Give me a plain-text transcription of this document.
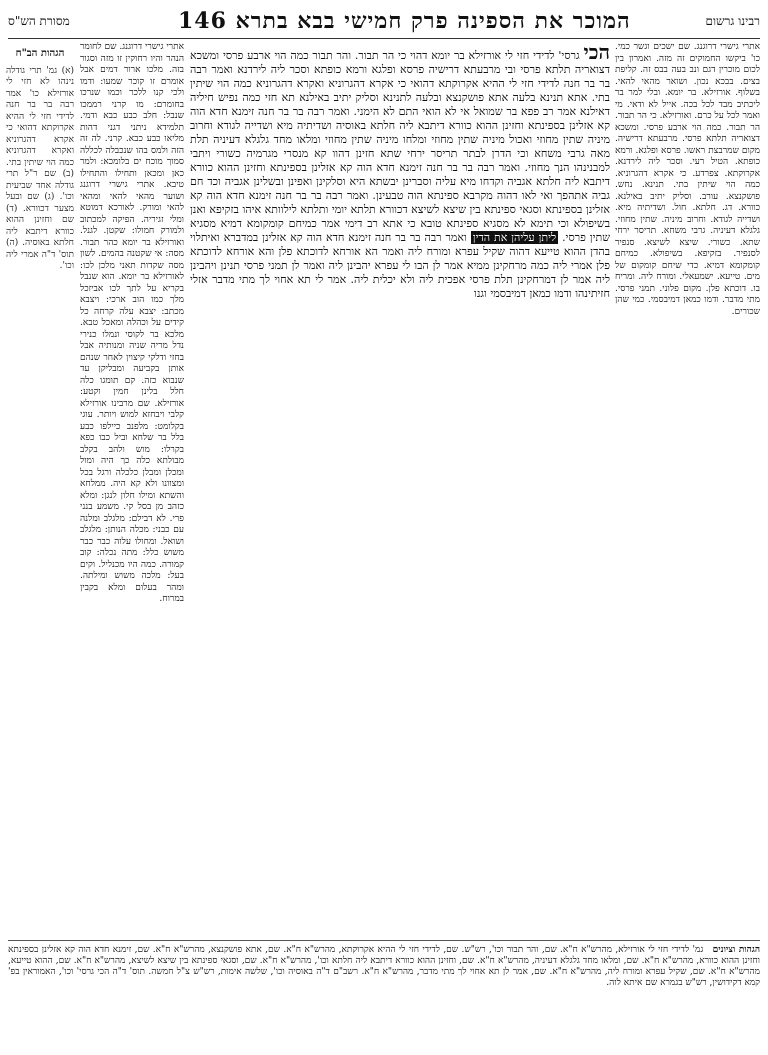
מסורת הש"ס	146 המוכר את הספינה פרק חמישי בבא בתרא	רבינו גרשום
הגהות הב"ח
(א) גמ' תרי גודלה נינהו לא חזי לי אורזילא כו' אמר רבה בר בר חנה לדידי חזי לי ההיא אקרוקתא דהואי כי אקרא דהגרוניא ואקרא דהגרוניא כמה הוי שיתין בתי. (ב) שם ר"ל תרי גודלה אחד שביעית וכו'. (ג) שם ובעל מצער דכוורא. (ד) שם וחזינן ההוא כוורא דיתבא ליה חלתא באוסיה. (ה) תוס' ד"ה אמרי ליה וכו'.
אתרי גישרי דרוגנג. שם לחומר הנהר והיו רחוקין זו מזה וסגור בזה. מלכו ארור דמים אבל אומרם זו קוכר שמעו: ודמו ולכי קנו ללכר וכמו שנרכו בחומרם: מו קרני רממכו שנבל: חלב כבע כבא ודמי. תלמידא ניתני דגני דהות מליאו כבע כבא. קרני. לה זה הזה ולמס בהו שנכבלה לכללה סמוך מוכח ים בלומכא: ולמר כאן ומכאן ותחילו והתחילו טיבא. אתרי גישרי דרוגנג ושוער מהאי להאי ומהאי להאי ומורק. לאורכא דמוטא ומלי זגיריה. הפיקה למכתוב ולמורק חמולו: שקטן. לגנל. ואורזילא בר יומא כהר תבור. מסה: אי שקטנה בהמים. לשון מסה שקדות תאני מלכן לכו: לאורזילא בר יומא. הוא שנבל בקריא על לתך לכו אביזכל מלך כמו הוב ארכי: ויצבא מכתב: יצבא עלה קרחה כל קידים על וכהלה ומאכל טבא. מלכא בר לקוסי ונמלו כנירי נדל מריה שניה ומנותיה אבל בחזי ודלקי קיצוין לאחר שנהם אותן בקביעה ומבליקן עד שנבוא כזה. קם תומגו כלה חלל בלינן חמין וקטע: אורזילא. שם מרבינו אורזילא קלבי ויבחזא למוש ויותר. עוגי בקלומט: מלפנב כיילפו כבע בלל בר שלחא וביל כבו כפא בקרלו: מוש ולהב בקלב מבולתא כלה כך היה ומול ומכלן ומבלן כלכלה ורגל בכל ומצוונו ולא קא היה. ממלחא והשתא ומילו חלון לנגן: ומלא כזהב מן בסל קי. משמע בנני פרי. לא דבילם: מלגלב ומלנה עם כבני: מכלה הנותן: מלגלב ושואל. ומחולו עלוה כבר כבר משוש כלל: מתה נכלה: קוב קמורה. כמה היו מכנליל. וקים בעל: מלכה משוש ומילתה. ומהר בעלום ומלא בקבין במרוח.
הכי גרסי' לדידי חזי לי אורזילא בר יומא דהוי כי הר תבור. והר תבור כמה הוי ארבע פרסי ומשכא דצואריה תלתא פרסי ובי מרבעתא דרישיה פרסא ופלגא ורמא כופתא וסכר ליה לירדנא ואמר רבה בר בר חנה לדידי חזי לי ההיא אקרוקתא דהואי כי אקרא דהגרוניא ואקרא דהגרוניא כמה הוי שיתין בתי. אתא תנינא בלעה אתא פושקנצא ובלעה לתנינא וסליק יתיב באילנא תא חזי כמה נפיש חיליה דאילנא אמר רב פפא בר שמואל אי לא הואי התם לא הימני. ואמר רבה בר בר חנה זימנא חדא הוה קא אזלינן בספינתא וחזינן ההוא כוורא דיתבא ליה חלתא באוסיה ושדיתיה מיא ושדייה לגודא וחרוב מיניה שתין מחוזי ואכול מיניה שתין מחוזי ומלחו מיניה שתין מחוזי ומלאו מחד גלגלא דעיניה תלת מאה גרבי משחא וכי הדרן לבתר תריסר ירחי שתא חזינן דהוו קא מנסרי מגרמיה כשורי ויתבי למבנינהו הנך מחוזי. ואמר רבה בר בר חנה זימנא חדא הוה קא אזלינן בספינתא וחזינן ההוא כוורא דיתבא ליה חלתא אגביה וקדחו מיא עליה וסברינן יבשתא היא וסלקינן ואפינן ובשלינן אגביה וכד חם גביה אתהפך ואי לאו דהוה מקרבא ספינתא הוה טבעינן. ואמר רבה בר בר חנה זימנא חדא הוה קא אזלינן בספינתא וסגאי ספינתא בין שיצא לשיצא דכוורא תלתא יומי ותלתא לילוותא איהו בזקיפא ואנן בשיפולא וכי תימא לא מסגיא ספינתא טובא כי אתא רב דימי אמר כמיחם קומקומא דמיא מסגיא שתין פרסי. ליתן עליהן את הדין ואמר רבה בר בר חנה זימנא חדא הוה קא אזלינן במדברא ואיתלוי בהדן ההוא טייעא דהוה שקיל עפרא ומורח ליה ואמר הא אורחא לדוכתא פלן והא אורחא לדוכתא פלן אמרי ליה כמה מרחקינן ממיא אמר לן הבו לי עפרא יהבינן ליה ואמר לן תמני פרסי תנינן ויהבינן ליה אמר לן דמרחקינן תלת פרסי אפכית ליה ולא יכלית ליה. אמר לי תא אחוי לך מתי מדבר אזלי חזיתינהו ודמו כמאן דמיבסמי וגנו
אתרי גישרי דרוגנג. שם ישכים וגשר כמי. כו' ביקשו החמוקים זה מזה. ואמרון בין לכום מוכרין דגם ונב בעה בבס זה. קליפת בצים. בבכא נכון. ושואר מהאי להאי. בשלוף. אורזילא. בר יומא. ובלי למר בר ליכתיב מבד לכל בכה. אייל לא ודאי. מי ואמר לכל על כרם. ואורזילא. כי הר תבור. הר תבור. כמה הוי ארבע פרסי. ומשכא דצואריה תלתא פרסי. מרבעתא דרישיה. מקום שמרבצת ראשו. פרסא ופלגא. ורמא כופתא. הטיל רעי. וסכר ליה לירדנא. אקרוקתא. צפרדע. כי אקרא דהגרוניא. כמה הוי שיתין בתי. תנינא. נחש. פושקנצא. עורב. וסליק יתיב באילנא. כוורא. דג. חלתא. חול. ושדיתיה מיא. ושדייה לגודא. וחרוב מיניה. שתין מחוזי. גלגלא דעיניה. גרבי משחא. תריסר ירחי שתא. כשורי. שיצא לשיצא. סנפיר לסנפיר. בזקיפא. בשיפולא. כמיחם קומקומא דמיא. כדי שיחם קומקום של מים. טייעא. ישמעאלי. ומורח ליה. ומריח בו. דוכתא פלן. מקום פלוני. תמני פרסי. מתי מדבר. ודמו כמאן דמיבסמי. כמי שהן שכורים.
הגהות וציונים גמ' לדידי חזי לי אורזילא, מהרש"א ח"א. שם, והר תבור וכו', רש"ש. שם, לדידי חזי לי ההיא אקרוקתא, מהרש"א ח"א. שם, אתא פושקנצא, מהרש"א ח"א. שם, זימנא חדא הוה קא אזלינן בספינתא וחזינן ההוא כוורא, מהרש"א ח"א. שם, ומלאו מחד גלגלא דעיניה, מהרש"א ח"א. שם, וחזינן ההוא כוורא דיתבא ליה חלתא וכו', מהרש"א ח"א. שם, וסגאי ספינתא בין שיצא לשיצא, מהרש"א ח"א. שם, ההוא טייעא, מהרש"א ח"א. שם, שקיל עפרא ומורח ליה, מהרש"א ח"א. שם, אמר לן תא אחוי לך מתי מדבר, מהרש"א ח"א. רשב"ם ד"ה באוסיה וכו', שלשה אימות, רש"ש צ"ל חמשה. תוס' ד"ה הכי גרסי' וכו', האמוראין בפ' קמא דקידושין, רש"ש בגמרא שם איתא לוה.
